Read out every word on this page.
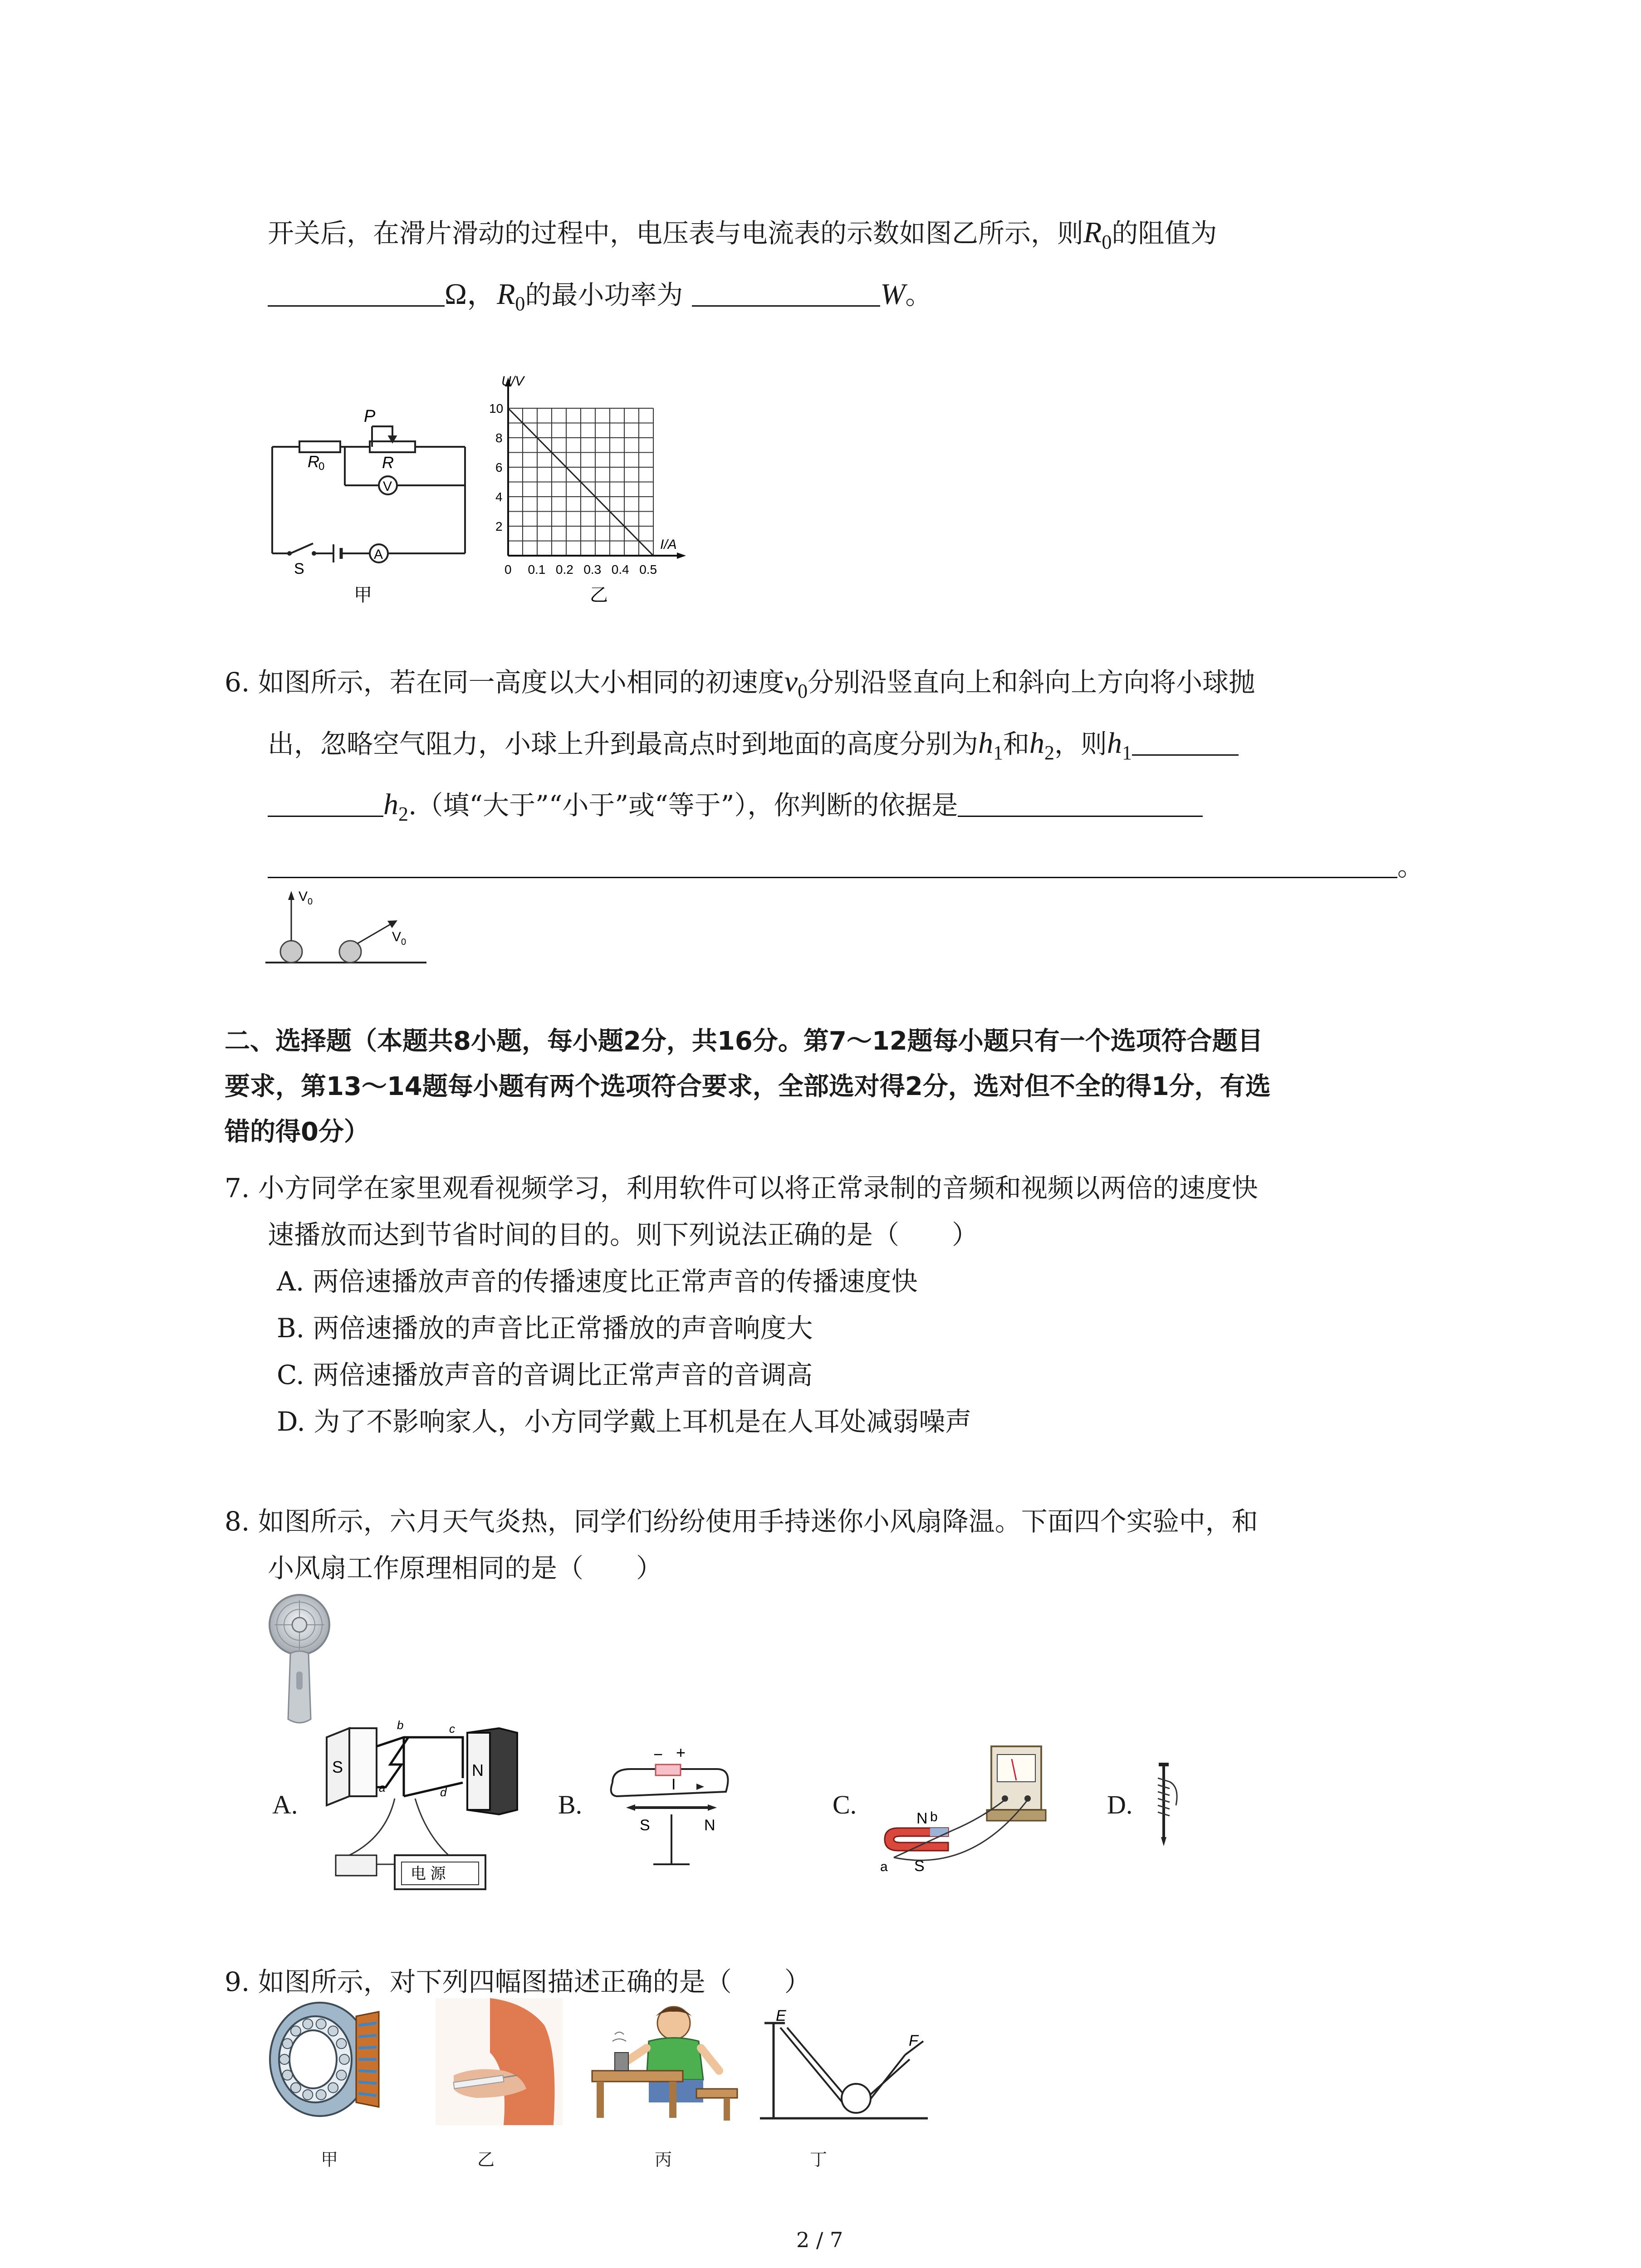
开关后，在滑片滑动的过程中，电压表与电流表的示数如图乙所示，则$R_0$的阻值为
Ω，$R_0$的最小功率为	W。
R
0
P
R
V
A
S
甲
U/V
I/A
10
8
6
4
2
0 0.1 0.2 0.3 0.4 0.5
乙
6. 如图所示，若在同一高度以大小相同的初速度$v_0$分别沿竖直向上和斜向上方向将小球抛
出，忽略空气阻力，小球上升到最高点时到地面的高度分别为$h_1$和$h_2$，则$h_1$
$h_2$.（填“大于”“小于”或“等于”），你判断的依据是
。
V 0
V 0
二、选择题（本题共8小题，每小题2分，共16分。第7～12题每小题只有一个选项符合题目
要求，第13～14题每小题有两个选项符合要求，全部选对得2分，选对但不全的得1分，有选
错的得0分）
7. 小方同学在家里观看视频学习，利用软件可以将正常录制的音频和视频以两倍的速度快
速播放而达到节省时间的目的。则下列说法正确的是（　　）
A. 两倍速播放声音的传播速度比正常声音的传播速度快
B. 两倍速播放的声音比正常播放的声音响度大
C. 两倍速播放声音的音调比正常声音的音调高
D. 为了不影响家人，小方同学戴上耳机是在人耳处减弱噪声
8. 如图所示，六月天气炎热，同学们纷纷使用手持迷你小风扇降温。下面四个实验中，和
小风扇工作原理相同的是（　　）
A.
S	N
b	c
a	d
电 源
B.
− +
I
S	N
C.	N b
a S
D.
9. 如图所示，对下列四幅图描述正确的是（　　）
甲	乙	丙
E
F
丁
2 / 7
